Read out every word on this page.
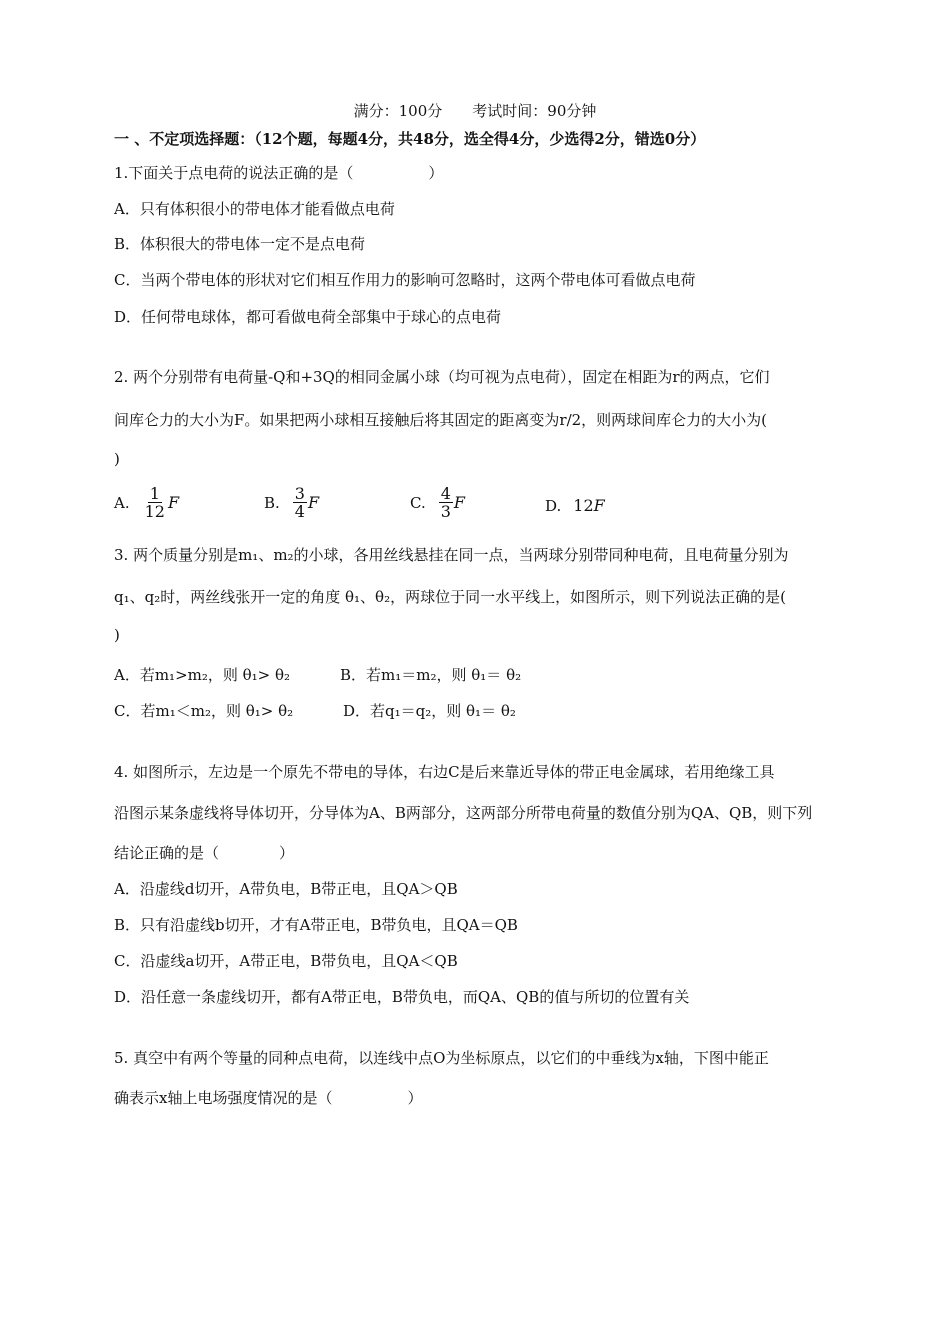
满分：100分　　考试时间：90分钟
一 、不定项选择题：（12个题，每题4分，共48分，选全得4分，少选得2分，错选0分）
1.下面关于点电荷的说法正确的是（　　　　　）
A．只有体积很小的带电体才能看做点电荷
B．体积很大的带电体一定不是点电荷
C．当两个带电体的形状对它们相互作用力的影响可忽略时，这两个带电体可看做点电荷
D．任何带电球体，都可看做电荷全部集中于球心的点电荷
2. 两个分别带有电荷量-Q和+3Q的相同金属小球（均可视为点电荷），固定在相距为r的两点，它们
间库仑力的大小为F。如果把两小球相互接触后将其固定的距离变为r/2，则两球间库仑力的大小为(
)
A. $\frac{1}{12}$ F	B. $\frac{3}{4}$ F	C. $\frac{4}{3}$ F	D. 12 F
3. 两个质量分别是m₁、m₂的小球，各用丝线悬挂在同一点，当两球分别带同种电荷，且电荷量分别为
q₁、q₂时，两丝线张开一定的角度 θ₁、θ₂，两球位于同一水平线上，如图所示，则下列说法正确的是(
)
A．若m₁>m₂，则 θ₁> θ₂	B．若m₁＝m₂，则 θ₁＝ θ₂
C．若m₁＜m₂，则 θ₁> θ₂	D．若q₁＝q₂，则 θ₁＝ θ₂
4. 如图所示，左边是一个原先不带电的导体，右边C是后来靠近导体的带正电金属球，若用绝缘工具
沿图示某条虚线将导体切开，分导体为A、B两部分，这两部分所带电荷量的数值分别为QA、QB，则下列
结论正确的是（　　　　）
A．沿虚线d切开，A带负电，B带正电，且QA＞QB
B．只有沿虚线b切开，才有A带正电，B带负电，且QA＝QB
C．沿虚线a切开，A带正电，B带负电，且QA＜QB
D．沿任意一条虚线切开，都有A带正电，B带负电，而QA、QB的值与所切的位置有关
5. 真空中有两个等量的同种点电荷，以连线中点O为坐标原点，以它们的中垂线为x轴，下图中能正
确表示x轴上电场强度情况的是（　　　　　）
